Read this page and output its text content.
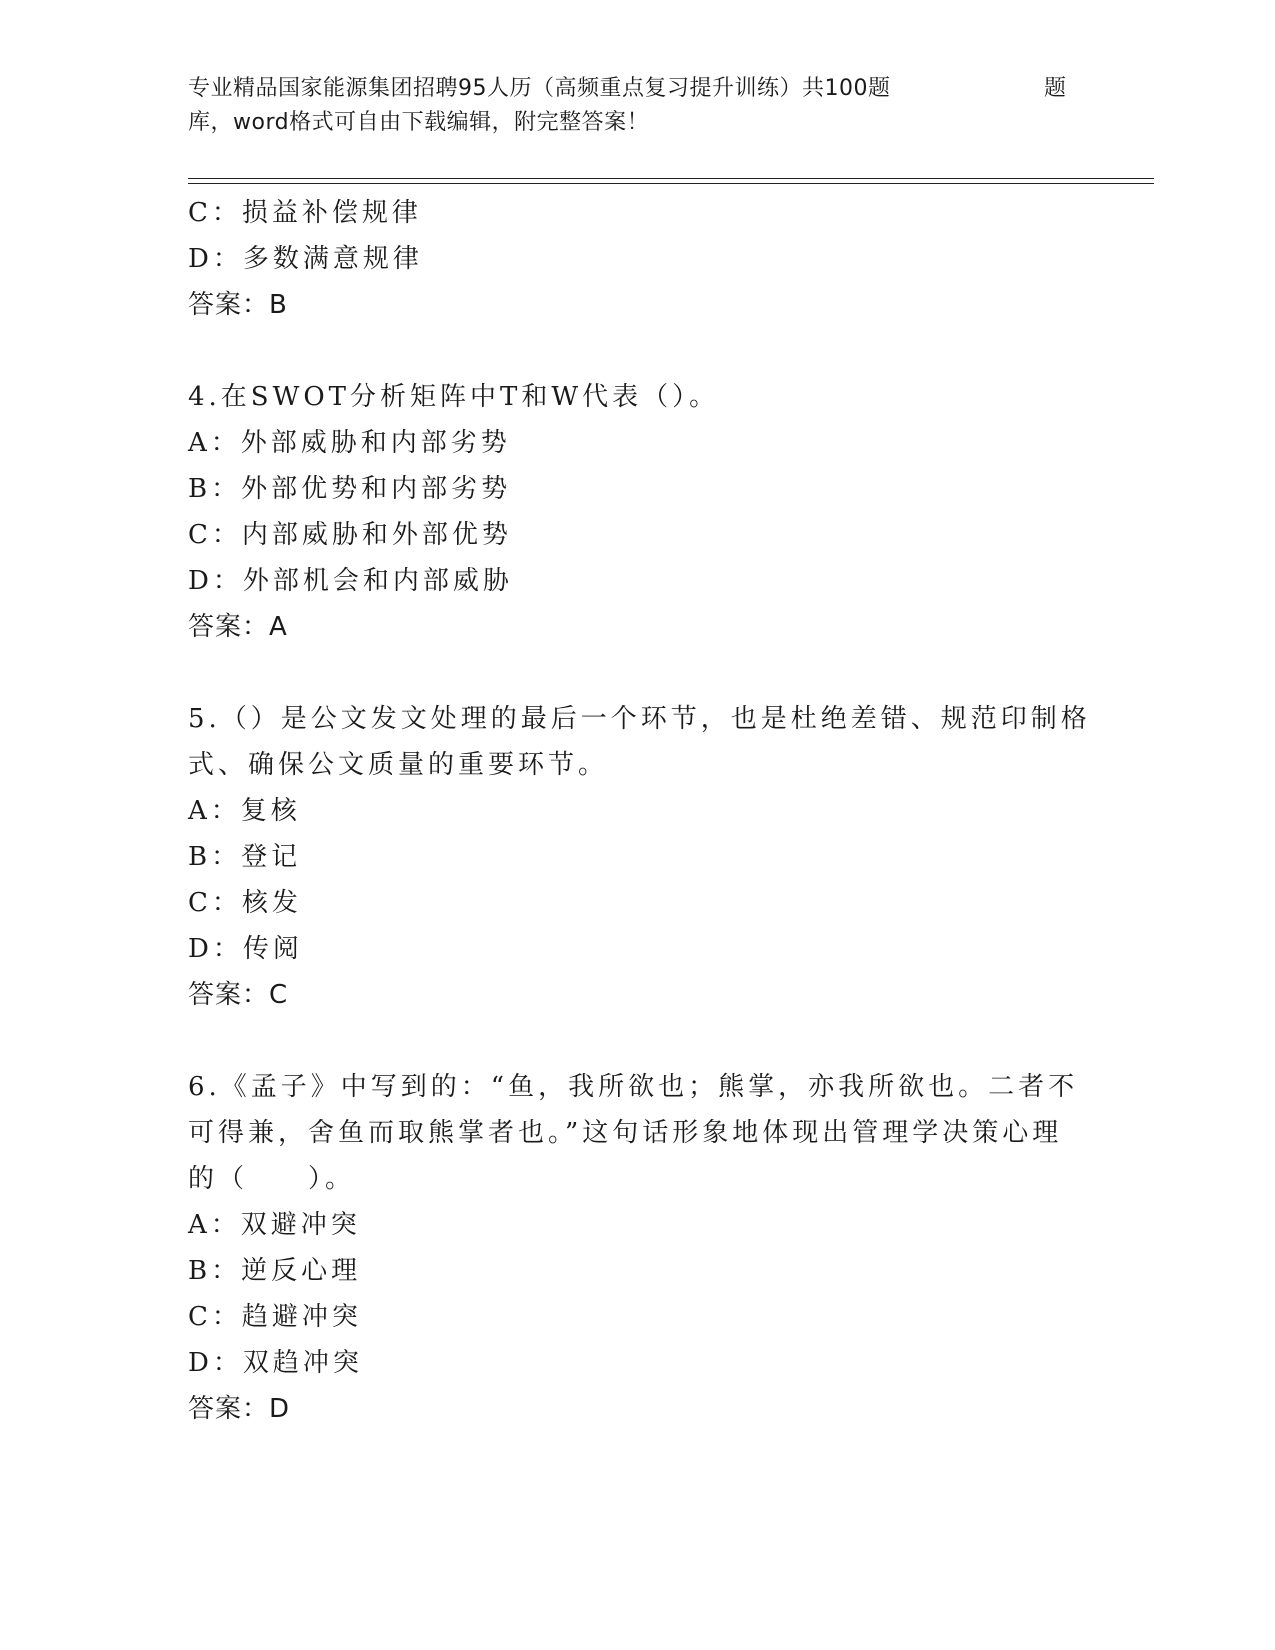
专业精品国家能源集团招聘95人历（高频重点复习提升训练）共100题	题
库，word格式可自由下载编辑，附完整答案！
C：损益补偿规律
D：多数满意规律
答案：B
4.在SWOT分析矩阵中T和W代表（）。
A：外部威胁和内部劣势
B：外部优势和内部劣势
C：内部威胁和外部优势
D：外部机会和内部威胁
答案：A
5.（）是公文发文处理的最后一个环节，也是杜绝差错、规范印制格
式、确保公文质量的重要环节。
A：复核
B：登记
C：核发
D：传阅
答案：C
6.《孟子》中写到的：“鱼，我所欲也；熊掌，亦我所欲也。二者不
可得兼，舍鱼而取熊掌者也。”这句话形象地体现出管理学决策心理
的（　　）。
A：双避冲突
B：逆反心理
C：趋避冲突
D：双趋冲突
答案：D
